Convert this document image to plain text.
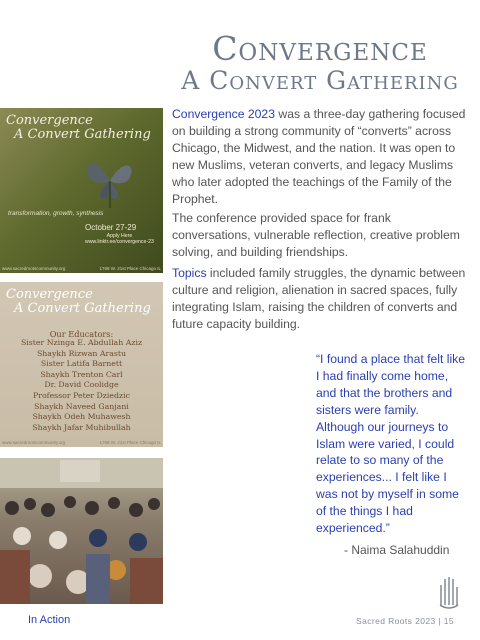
Convergence
A Convert Gathering

Convergence 2023 was a three-day gathering focused on building a strong community of “converts” across Chicago, the Midwest, and the nation. It was open to new Muslims, veteran converts, and legacy Muslims who later adopted the teachings of the Family of the Prophet.

The conference provided space for frank conversations, vulnerable reflection, creative problem solving, and building friendships.

Topics included family struggles, the dynamic between culture and religion, alienation in sacred spaces, fully integrating Islam, raising the children of converts and future capacity building.

“I found a place that felt like I had finally come home, and that the brothers and sisters were family. Although our journeys to Islam were varied, I could relate to so many of the experiences... I felt like I was not by myself in some of the things I had experienced.”

- Naima Salahuddin

Convergence
A Convert Gathering
transformation, growth, synthesis
October 27-29
Apply Here
www.linktr.ee/convergence-23
www.sacredrootscommunity.org	1768 W. 21st Place Chicago IL
Convergence
A Convert Gathering
Our Educators:
Sister Nzinga E. Abdullah Aziz
Shaykh Rizwan Arastu
Sister Latifa Barnett
Shaykh Trenton Carl
Dr. David Coolidge
Professor Peter Dziedzic
Shaykh Naveed Ganjani
Shaykh Odeh Muhawesh
Shaykh Jafar Muhibullah
www.sacredrootscommunity.org	1768 W. 21st Place Chicago IL
In Action	Sacred Roots 2023 | 15
